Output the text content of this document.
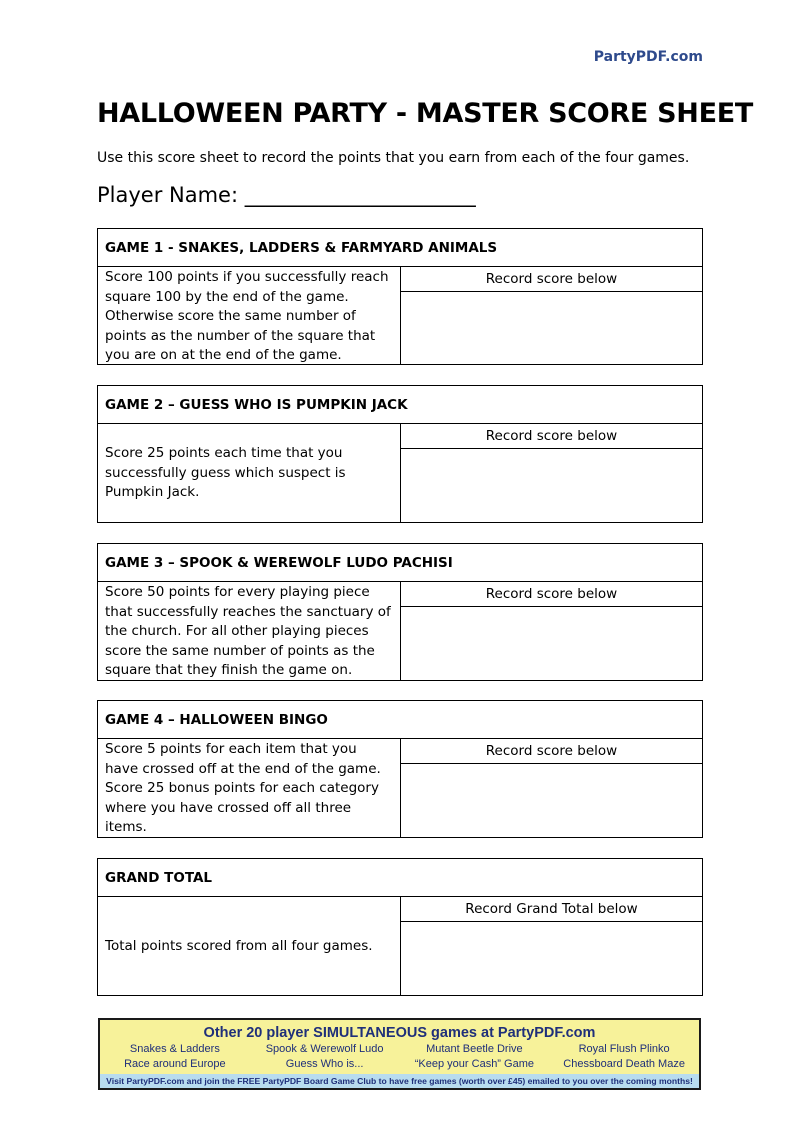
PartyPDF.com
HALLOWEEN PARTY - MASTER SCORE SHEET
Use this score sheet to record the points that you earn from each of the four games.
Player Name: ______________________
GAME 1 - SNAKES, LADDERS & FARMYARD ANIMALS
Score 100 points if you successfully reach square 100 by the end of the game. Otherwise score the same number of points as the number of the square that you are on at the end of the game.
Record score below
GAME 2 – GUESS WHO IS PUMPKIN JACK
Score 25 points each time that you successfully guess which suspect is Pumpkin Jack.
Record score below
GAME 3 – SPOOK & WEREWOLF LUDO PACHISI
Score 50 points for every playing piece that successfully reaches the sanctuary of the church. For all other playing pieces score the same number of points as the square that they finish the game on.
Record score below
GAME 4 – HALLOWEEN BINGO
Score 5 points for each item that you have crossed off at the end of the game. Score 25 bonus points for each category where you have crossed off all three items.
Record score below
GRAND TOTAL
Total points scored from all four games.
Record Grand Total below
Other 20 player SIMULTANEOUS games at PartyPDF.com
Snakes & Ladders	Spook & Werewolf Ludo	Mutant Beetle Drive	Royal Flush Plinko
Race around Europe	Guess Who is...	“Keep your Cash” Game	Chessboard Death Maze
Visit PartyPDF.com and join the FREE PartyPDF Board Game Club to have free games (worth over £45) emailed to you over the coming months!
